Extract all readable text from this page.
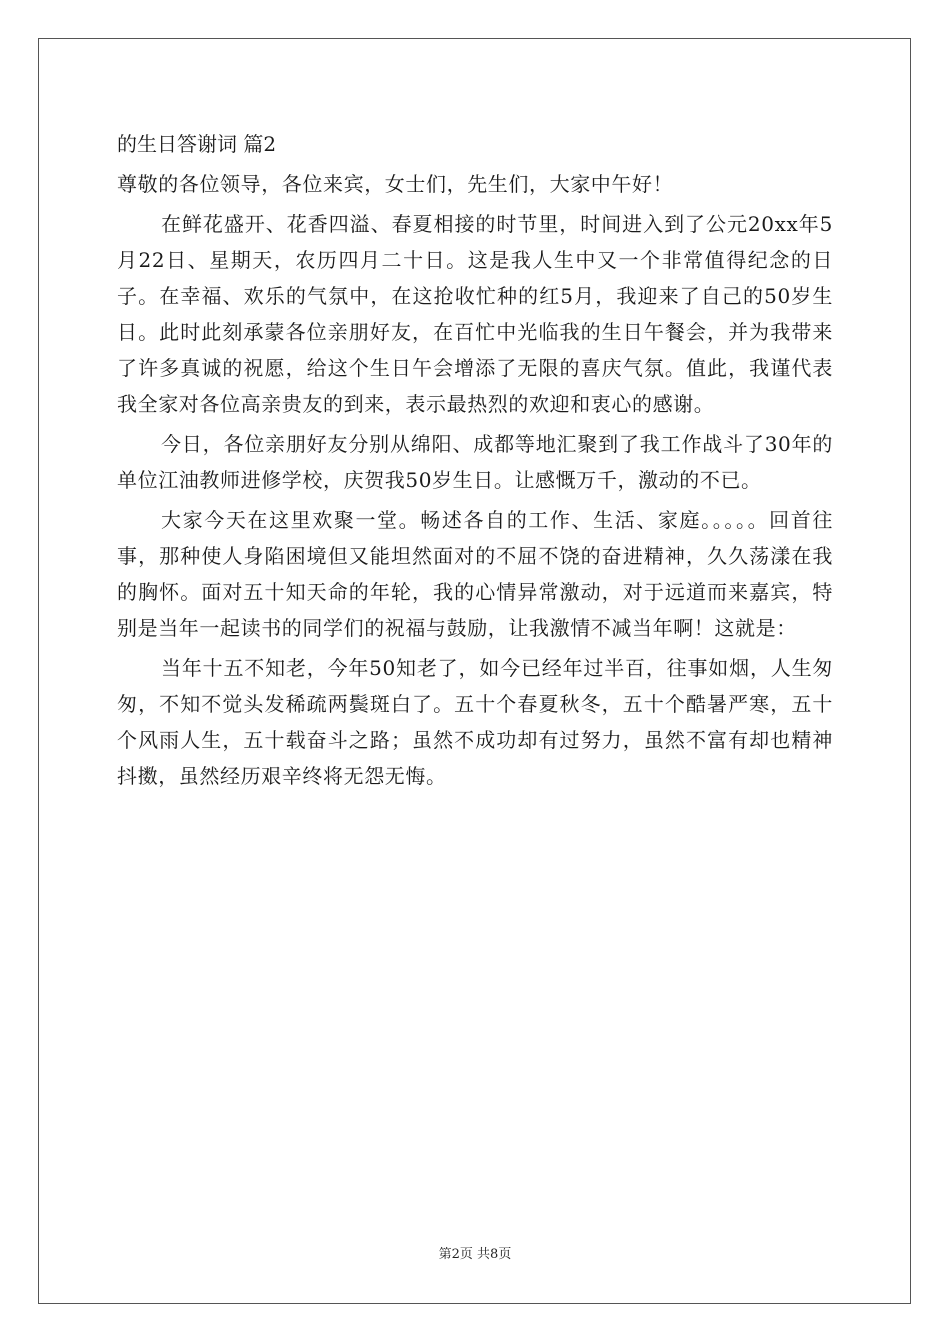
的生日答谢词 篇2

尊敬的各位领导，各位来宾，女士们，先生们，大家中午好！

在鲜花盛开、花香四溢、春夏相接的时节里，时间进入到了公元20xx年5月22日、星期天，农历四月二十日。这是我人生中又一个非常值得纪念的日子。在幸福、欢乐的气氛中，在这抢收忙种的红5月，我迎来了自己的50岁生日。此时此刻承蒙各位亲朋好友，在百忙中光临我的生日午餐会，并为我带来了许多真诚的祝愿，给这个生日午会增添了无限的喜庆气氛。值此，我谨代表我全家对各位高亲贵友的到来，表示最热烈的欢迎和衷心的感谢。

今日，各位亲朋好友分别从绵阳、成都等地汇聚到了我工作战斗了30年的单位江油教师进修学校，庆贺我50岁生日。让感慨万千，激动的不已。

大家今天在这里欢聚一堂。畅述各自的工作、生活、家庭。。。。。回首往事，那种使人身陷困境但又能坦然面对的不屈不饶的奋进精神，久久荡漾在我的胸怀。面对五十知天命的年轮，我的心情异常激动，对于远道而来嘉宾，特别是当年一起读书的同学们的祝福与鼓励，让我激情不减当年啊！这就是：

当年十五不知老，今年50知老了，如今已经年过半百，往事如烟，人生匆匆，不知不觉头发稀疏两鬓斑白了。五十个春夏秋冬，五十个酷暑严寒，五十个风雨人生，五十载奋斗之路；虽然不成功却有过努力，虽然不富有却也精神抖擞，虽然经历艰辛终将无怨无悔。

第2页 共8页
